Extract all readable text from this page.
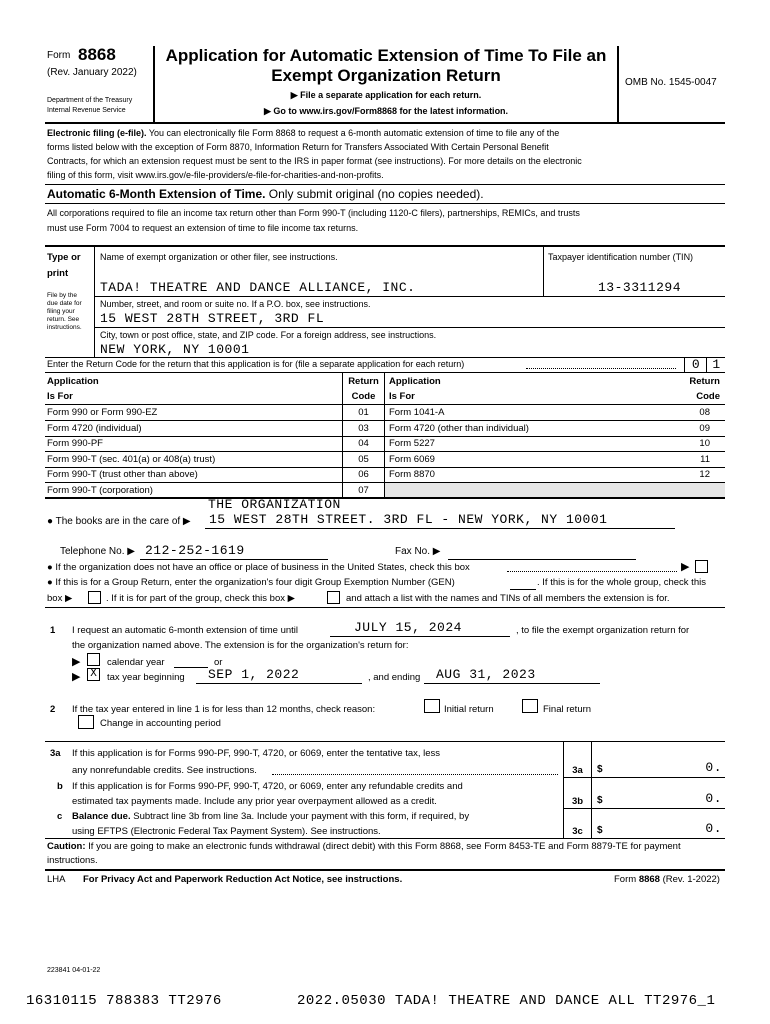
Form 8868
(Rev. January 2022)
Department of the Treasury
Internal Revenue Service
Application for Automatic Extension of Time To File an
Exempt Organization Return
▶ File a separate application for each return.
▶ Go to www.irs.gov/Form8868 for the latest information.
OMB No. 1545-0047
Electronic filing (e-file). You can electronically file Form 8868 to request a 6-month automatic extension of time to file any of the
forms listed below with the exception of Form 8870, Information Return for Transfers Associated With Certain Personal Benefit
Contracts, for which an extension request must be sent to the IRS in paper format (see instructions). For more details on the electronic
filing of this form, visit www.irs.gov/e-file-providers/e-file-for-charities-and-non-profits.
Automatic 6-Month Extension of Time. Only submit original (no copies needed).
All corporations required to file an income tax return other than Form 990-T (including 1120-C filers), partnerships, REMICs, and trusts
must use Form 7004 to request an extension of time to file income tax returns.
Type or
print
File by the
due date for
filing your
return. See
instructions.
Name of exempt organization or other filer, see instructions.
TADA! THEATRE AND DANCE ALLIANCE, INC.
Taxpayer identification number (TIN)
13-3311294
Number, street, and room or suite no. If a P.O. box, see instructions.
15 WEST 28TH STREET, 3RD FL
City, town or post office, state, and ZIP code. For a foreign address, see instructions.
NEW YORK, NY 10001
Enter the Return Code for the return that this application is for (file a separate application for each return)	0 1
Application
Is For
Return
Code
Application
Is For
Return
Code
Form 990 or Form 990-EZ	01	Form 1041-A	08
Form 4720 (individual)	03	Form 4720 (other than individual)	09
Form 990-PF	04	Form 5227	10
Form 990-T (sec. 401(a) or 408(a) trust)	05	Form 6069	11
Form 990-T (trust other than above)	06	Form 8870	12
Form 990-T (corporation)	07
THE ORGANIZATION
● The books are in the care of ▶ 15 WEST 28TH STREET. 3RD FL - NEW YORK, NY 10001
Telephone No. ▶ 212-252-1619	Fax No. ▶
● If the organization does not have an office or place of business in the United States, check this box	▶
● If this is for a Group Return, enter the organization's four digit Group Exemption Number (GEN)	. If this is for the whole group, check this
box ▶	. If it is for part of the group, check this box ▶	and attach a list with the names and TINs of all members the extension is for.
1 I request an automatic 6-month extension of time until	JULY 15, 2024	, to file the exempt organization return for
the organization named above. The extension is for the organization's return for:
▶	calendar year	or
▶ X	tax year beginning SEP 1, 2022	, and ending AUG 31, 2023
2 If the tax year entered in line 1 is for less than 12 months, check reason:	Initial return	Final return
Change in accounting period
3a If this application is for Forms 990-PF, 990-T, 4720, or 6069, enter the tentative tax, less
any nonrefundable credits. See instructions.	3a	$	0.
b If this application is for Forms 990-PF, 990-T, 4720, or 6069, enter any refundable credits and
estimated tax payments made. Include any prior year overpayment allowed as a credit.	3b	$	0.
c Balance due. Subtract line 3b from line 3a. Include your payment with this form, if required, by
using EFTPS (Electronic Federal Tax Payment System). See instructions.	3c	$	0.
Caution: If you are going to make an electronic funds withdrawal (direct debit) with this Form 8868, see Form 8453-TE and Form 8879-TE for payment
instructions.
LHA For Privacy Act and Paperwork Reduction Act Notice, see instructions.	Form 8868 (Rev. 1-2022)
223841 04-01-22
16310115 788383 TT2976	2022.05030 TADA! THEATRE AND DANCE ALL TT2976_1
